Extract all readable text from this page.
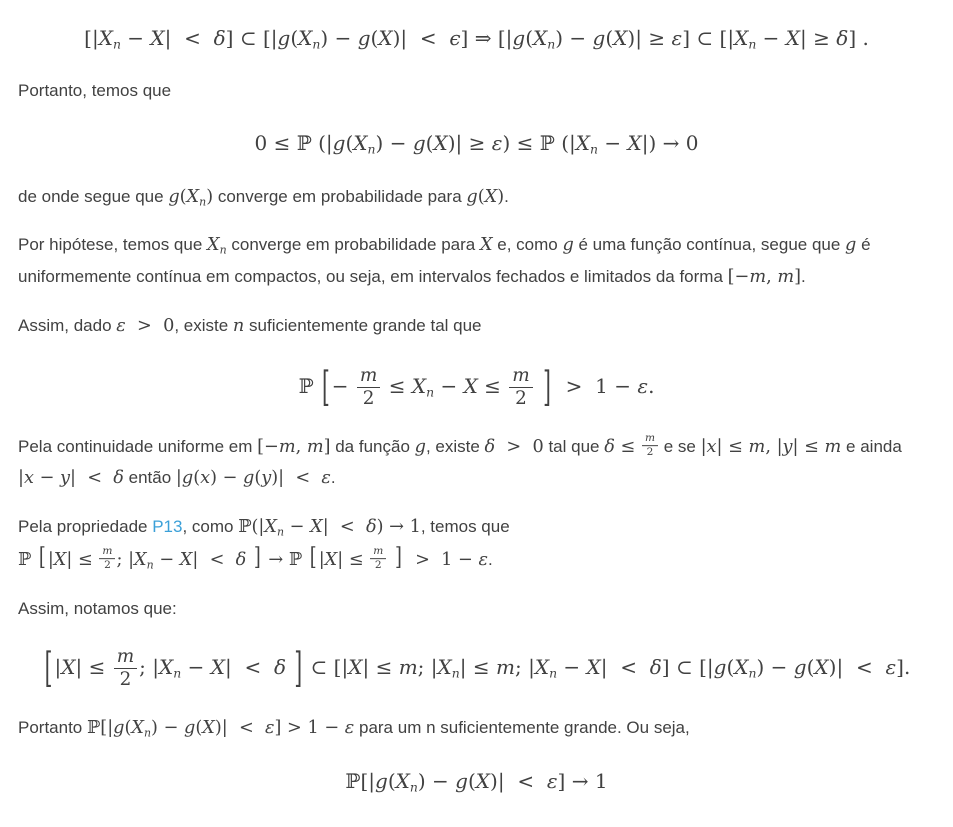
[|Xn − X| < δ] ⊂ [|g(Xn) − g(X)| < ϵ] ⇒ [|g(Xn) − g(X)| ≥ ε] ⊂ [|Xn − X| ≥ δ] .

Portanto, temos que

0 ≤ ℙ (|g(Xn) − g(X)| ≥ ε) ≤ ℙ (|Xn − X|) → 0

de onde segue que g(Xn) converge em probabilidade para g(X).

Por hipótese, temos que Xn converge em probabilidade para X e, como g é uma função contínua, segue que g é uniformemente contínua em compactos, ou seja, em intervalos fechados e limitados da forma [−m, m].

Assim, dado ε > 0, existe n suficientemente grande tal que

ℙ [ − $\frac{m}{2} \le Xn - X \le \frac{m}{2}$ ] > 1 − ε.

Pela continuidade uniforme em [−m, m] da função g, existe δ > 0 tal que $\delta \le \frac{m}{2}$ e se |x| ≤ m, |y| ≤ m e ainda |x − y| < δ então |g(x) − g(y)| < ε.

Pela propriedade P13, como ℙ(|Xn − X| < δ) → 1, temos que
ℙ [ $|X| \le \frac{m}{2}$ ; |Xn − X| < δ ] → ℙ [ $|X| \le \frac{m}{2}$ ] > 1 − ε.

Assim, notamos que:

[ $|X| \le \frac{m}{2}$ ; |Xn − X| < δ ] ⊂ [|X| ≤ m; |Xn| ≤ m; |Xn − X| < δ] ⊂ [|g(Xn) − g(X)| < ε].

Portanto ℙ[|g(Xn) − g(X)| < ε] > 1 − ε para um n suficientemente grande. Ou seja,

ℙ[|g(Xn) − g(X)| < ε] → 1
